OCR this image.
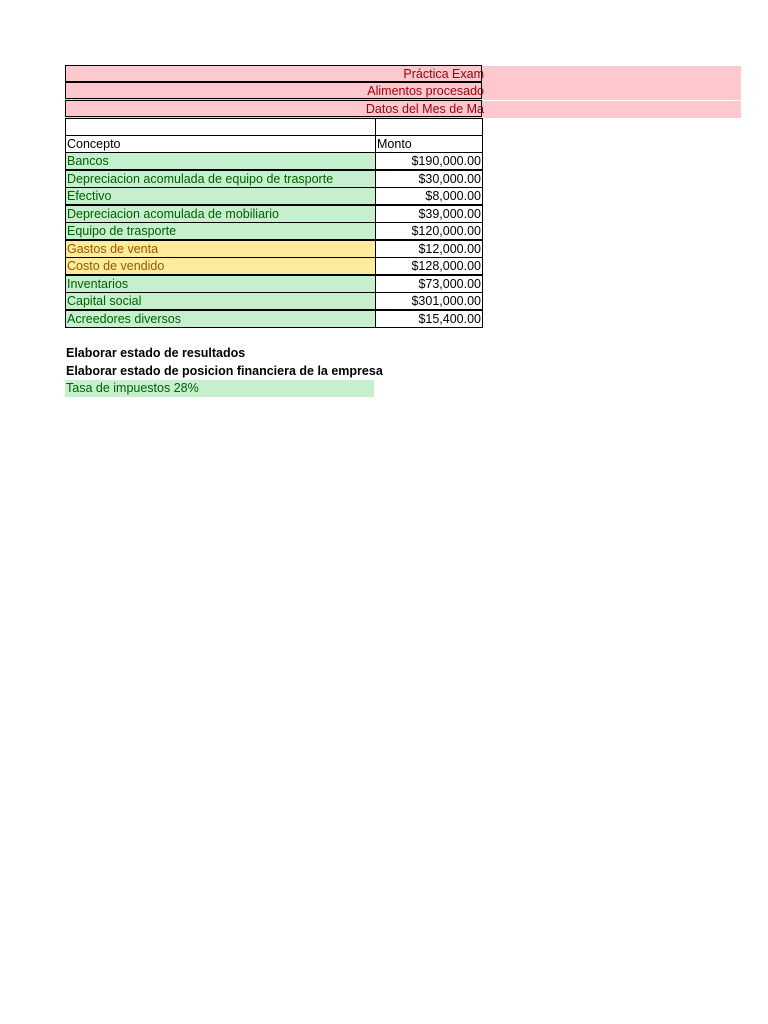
Práctica Exam
Alimentos procesado
Datos del Mes de Ma
Concepto	Monto
Bancos	$190,000.00
Depreciacion acomulada de equipo de trasporte	$30,000.00
Efectivo	$8,000.00
Depreciacion acomulada de mobiliario	$39,000.00
Equipo de trasporte	$120,000.00
Gastos de venta	$12,000.00
Costo de vendido	$128,000.00
Inventarios	$73,000.00
Capital social	$301,000.00
Acreedores diversos	$15,400.00
Elaborar estado de resultados
Elaborar estado de posicion financiera de la empresa
Tasa de impuestos 28%
